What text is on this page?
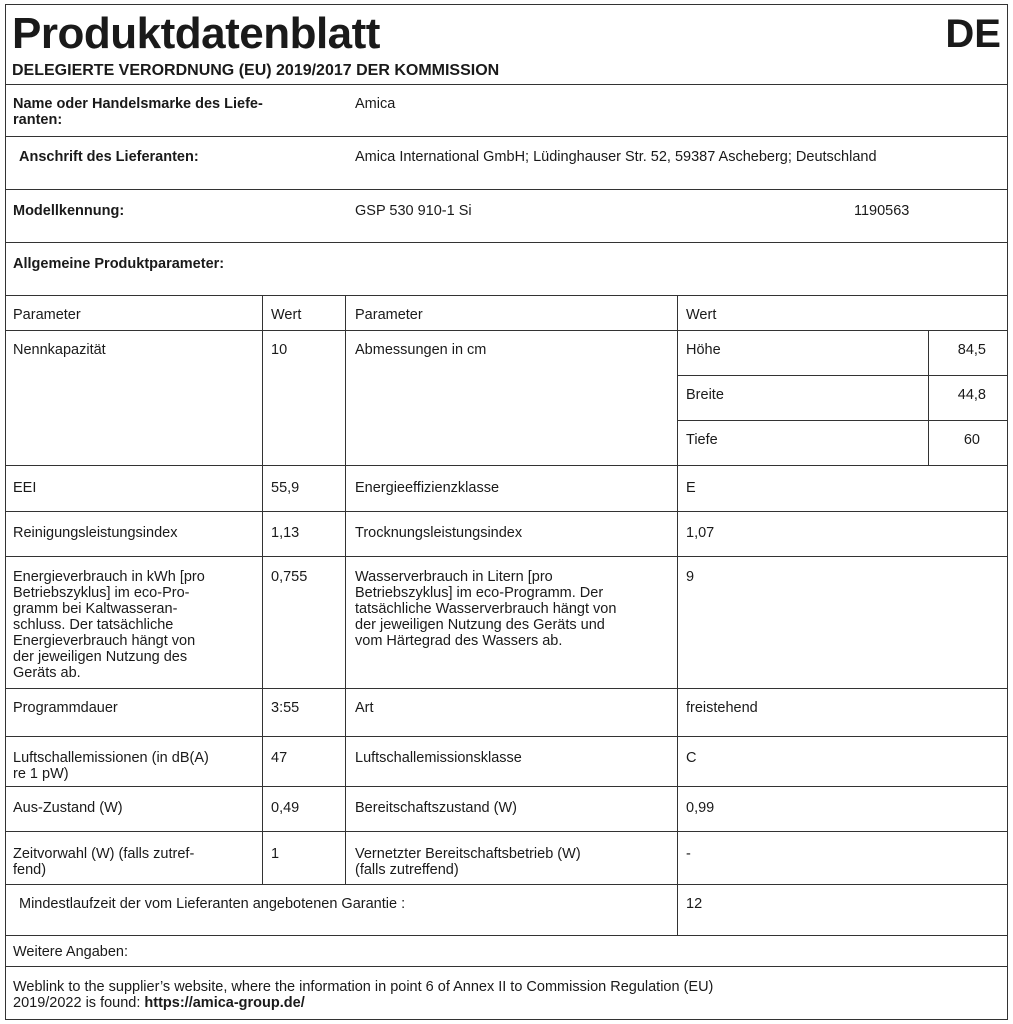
Produktdatenblatt	DE
DELEGIERTE VERORDNUNG (EU) 2019/2017 DER KOMMISSION
Name oder Handelsmarke des Liefe-
ranten:
Amica
Anschrift des Lieferanten:	Amica International GmbH; Lüdinghauser Str. 52, 59387 Ascheberg; Deutschland
Modellkennung:	GSP 530 910-1 Si	1190563
Allgemeine Produktparameter:
Parameter	Wert	Parameter	Wert
Nennkapazität	10	Abmessungen in cm	Höhe	84,5
Breite	44,8
Tiefe	60
EEI	55,9	Energieeffizienzklasse	E
Reinigungsleistungsindex	1,13	Trocknungsleistungsindex	1,07
Energieverbrauch in kWh [pro
Betriebszyklus] im eco-Pro-
gramm bei Kaltwasseran-
schluss. Der tatsächliche
Energieverbrauch hängt von
der jeweiligen Nutzung des
Geräts ab.
0,755	Wasserverbrauch in Litern [pro
Betriebszyklus] im eco-Programm. Der
tatsächliche Wasserverbrauch hängt von
der jeweiligen Nutzung des Geräts und
vom Härtegrad des Wassers ab.
9
Programmdauer	3:55	Art	freistehend
Luftschallemissionen (in dB(A)
re 1 pW)
47	Luftschallemissionsklasse	C
Aus-Zustand (W)	0,49	Bereitschaftszustand (W)	0,99
Zeitvorwahl (W) (falls zutref-
fend)
1	Vernetzter Bereitschaftsbetrieb (W)
(falls zutreffend)
-
Mindestlaufzeit der vom Lieferanten angebotenen Garantie :	12
Weitere Angaben:
Weblink to the supplier’s website, where the information in point 6 of Annex II to Commission Regulation (EU)
2019/2022 is found: https://amica-group.de/
